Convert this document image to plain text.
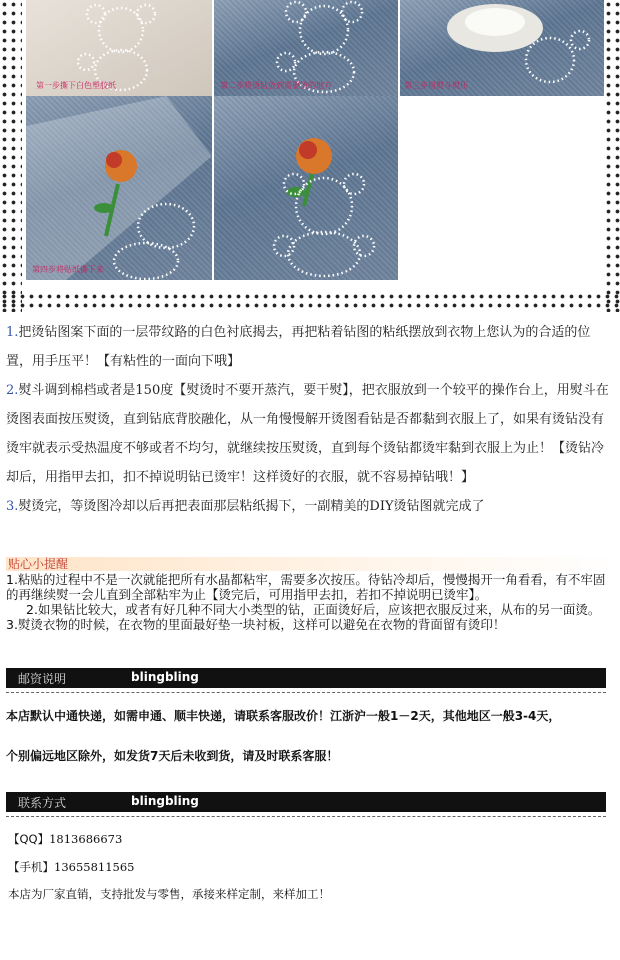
第一步撕下白色塑胶纸	第二步将烫钻放到需要烫的地方	第三步用熨斗熨压
第四步将贴纸撕下来

1.把烫钻图案下面的一层带纹路的白色衬底揭去，再把粘着钻图的粘纸摆放到衣物上您认为的合适的位置，用手压平！【有粘性的一面向下哦】

2.熨斗调到棉档或者是150度【熨烫时不要开蒸汽，要干熨】，把衣服放到一个较平的操作台上，用熨斗在烫图表面按压熨烫，直到钻底背胶融化，从一角慢慢解开烫图看钻是否都黏到衣服上了，如果有烫钻没有烫牢就表示受热温度不够或者不均匀，就继续按压熨烫，直到每个烫钻都烫牢黏到衣服上为止！【烫钻冷却后，用指甲去扣，扣不掉说明钻已烫牢！这样烫好的衣服，就不容易掉钻哦！】

3.熨烫完，等烫图冷却以后再把表面那层粘纸揭下，一副精美的DIY烫钻图就完成了

贴心小提醒

1.粘贴的过程中不是一次就能把所有水晶都粘牢，需要多次按压。待钻冷却后，慢慢揭开一角看看，有不牢固的再继续熨一会儿直到全部粘牢为止【烫完后，可用指甲去扣，若扣不掉说明已烫牢】。

2.如果钻比较大，或者有好几种不同大小类型的钻，正面烫好后，应该把衣服反过来，从布的另一面烫。

3.熨烫衣物的时候，在衣物的里面最好垫一块衬板，这样可以避免在衣物的背面留有烫印！

邮资说明	blingbling
本店默认中通快递，如需申通、顺丰快递，请联系客服改价！江浙沪一般1－2天，其他地区一般3-4天，
个别偏远地区除外，如发货7天后未收到货，请及时联系客服！
联系方式	blingbling
【QQ】1813686673
【手机】13655811565
本店为厂家直销，支持批发与零售，承接来样定制，来样加工！
